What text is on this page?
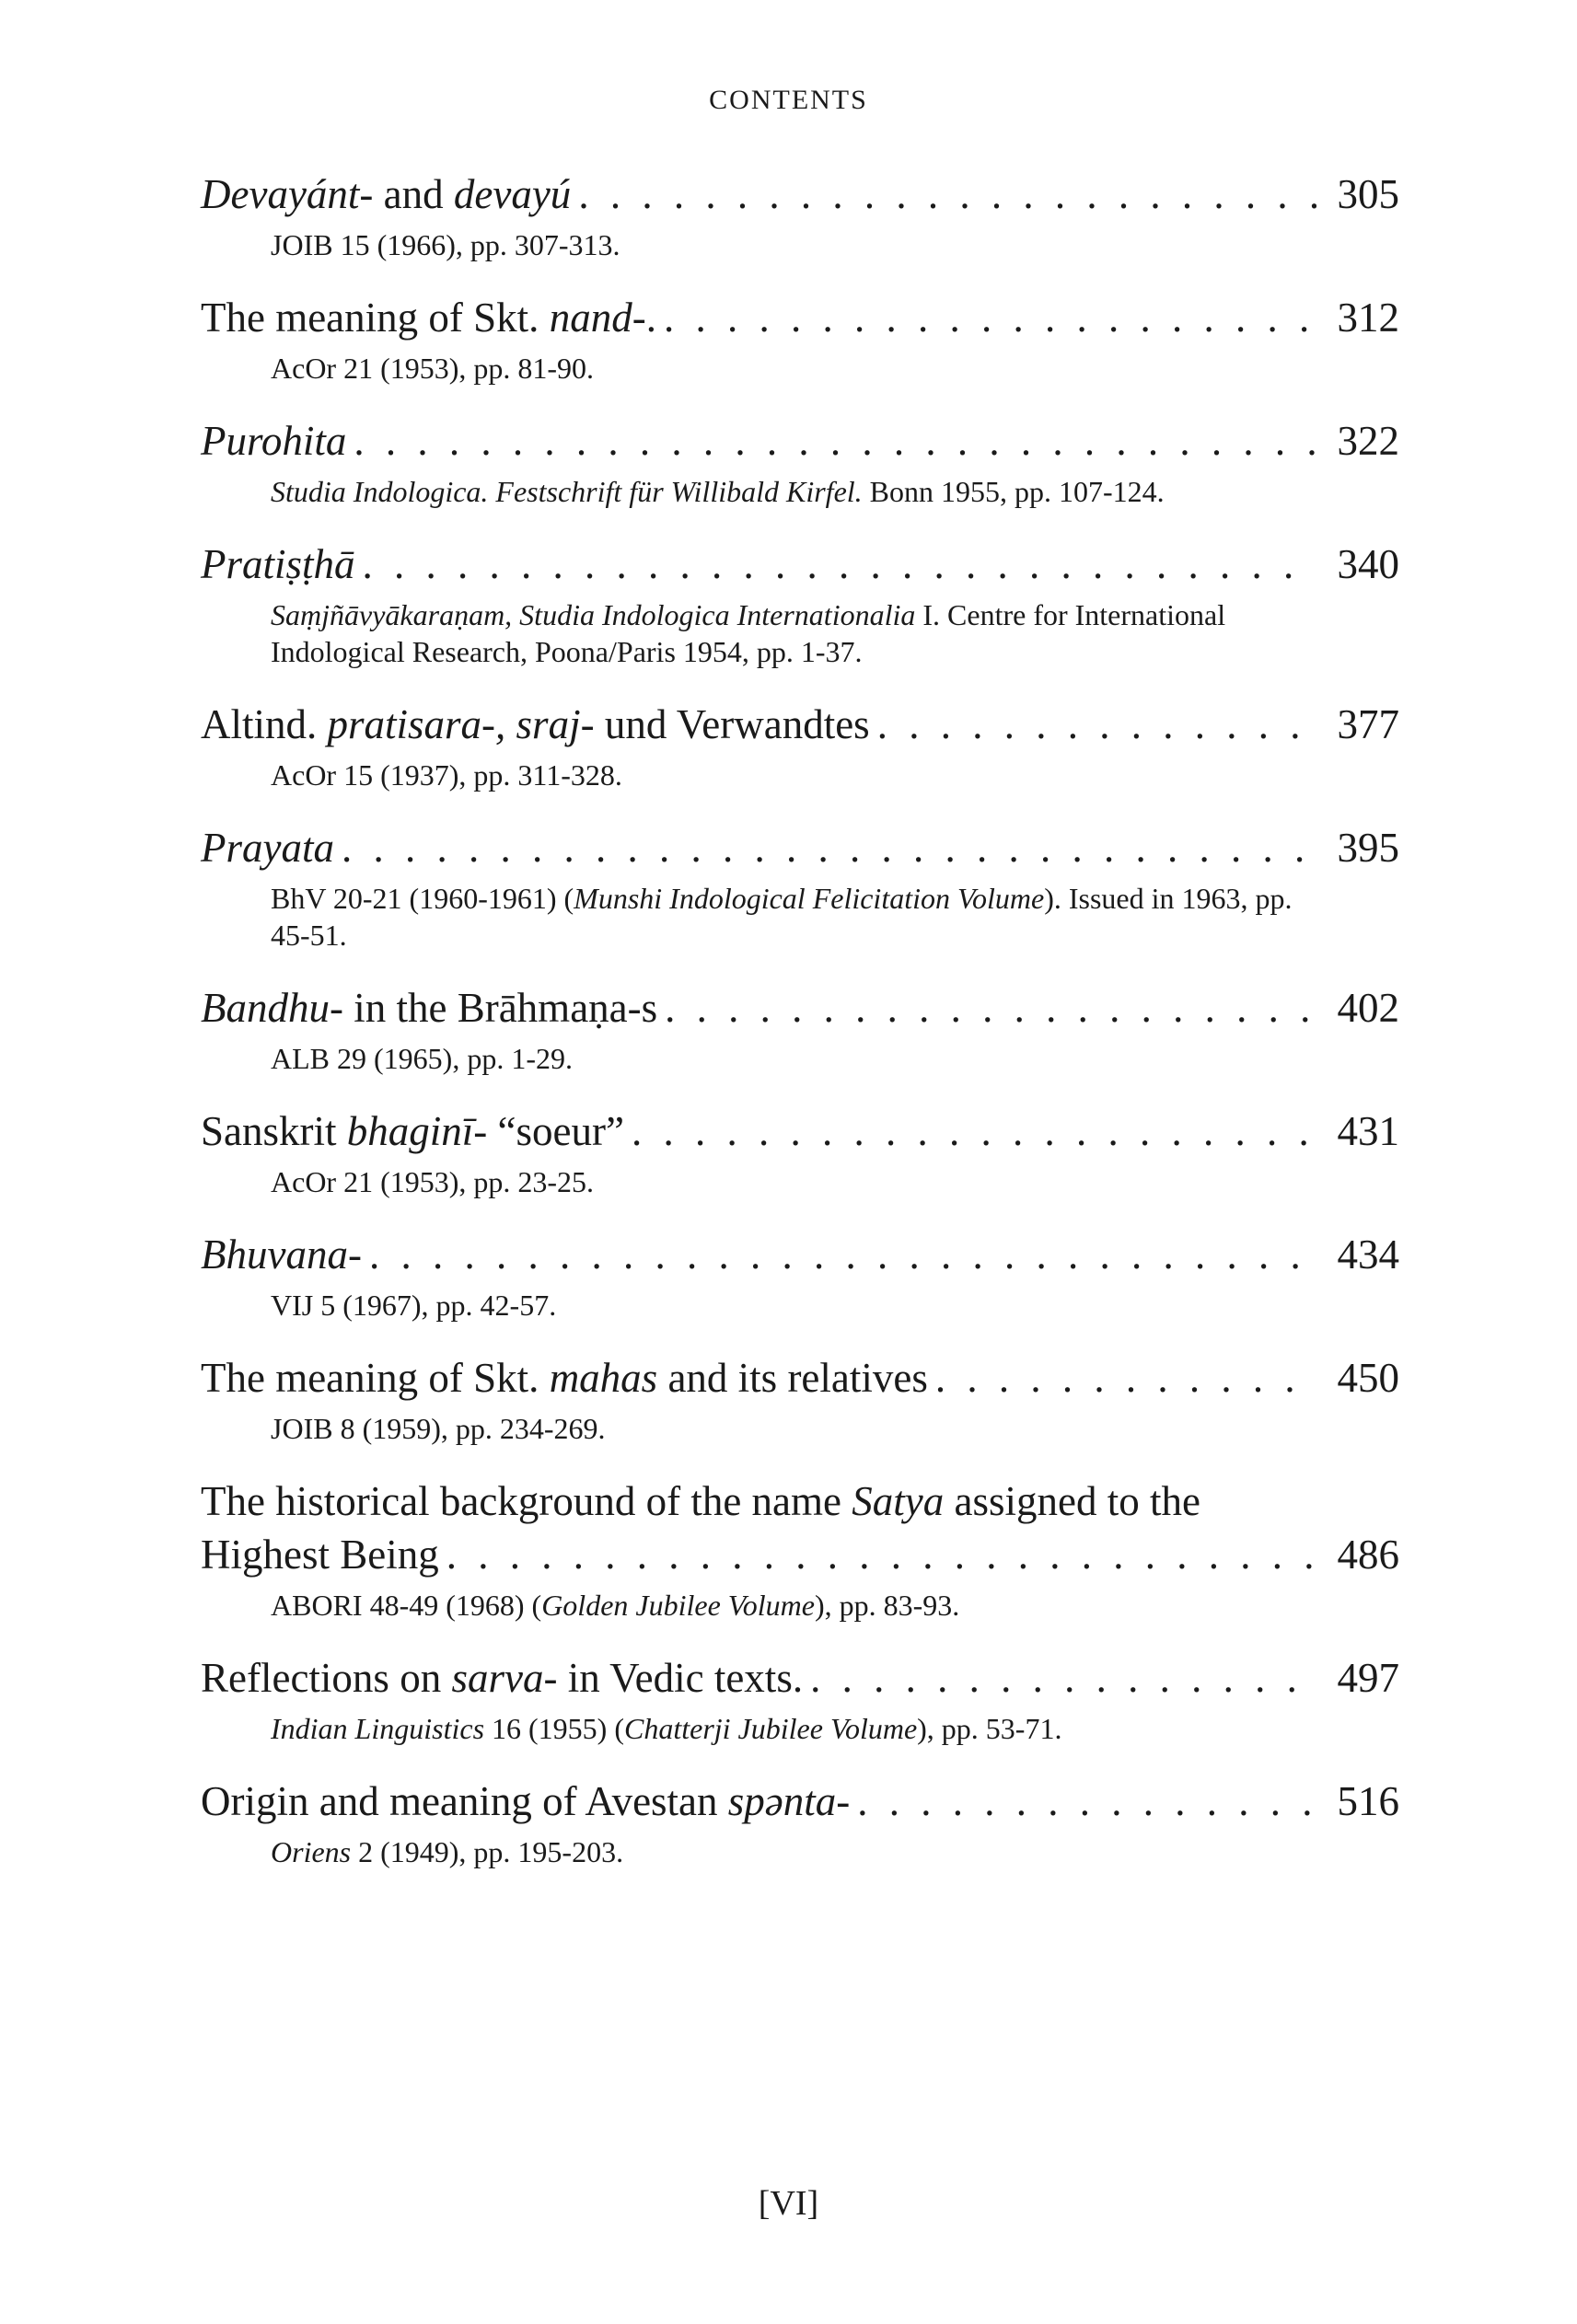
CONTENTS
Devayánt- and devayú . . .	305
JOIB 15 (1966), pp. 307-313.
The meaning of Skt. nand-. . . .	312
AcOr 21 (1953), pp. 81-90.
Purohita . . .	322
Studia Indologica. Festschrift für Willibald Kirfel. Bonn 1955, pp. 107-124.
Pratiṣṭhā . . .	340
Saṃjñāvyākaraṇam, Studia Indologica Internationalia I. Centre for International Indological Research, Poona/Paris 1954, pp. 1-37.
Altind. pratisara-, sraj- und Verwandtes . . .	377
AcOr 15 (1937), pp. 311-328.
Prayata . . .	395
BhV 20-21 (1960-1961) (Munshi Indological Felicitation Volume). Issued in 1963, pp. 45-51.
Bandhu- in the Brāhmaṇa-s . . .	402
ALB 29 (1965), pp. 1-29.
Sanskrit bhaginī- “soeur” . . .	431
AcOr 21 (1953), pp. 23-25.
Bhuvana- . . .	434
VIJ 5 (1967), pp. 42-57.
The meaning of Skt. mahas and its relatives . . .	450
JOIB 8 (1959), pp. 234-269.
The historical background of the name Satya assigned to the
Highest Being . . .	486
ABORI 48-49 (1968) (Golden Jubilee Volume), pp. 83-93.
Reflections on sarva- in Vedic texts. . . .	497
Indian Linguistics 16 (1955) (Chatterji Jubilee Volume), pp. 53-71.
Origin and meaning of Avestan spənta- . . .	516
Oriens 2 (1949), pp. 195-203.
[VI]
